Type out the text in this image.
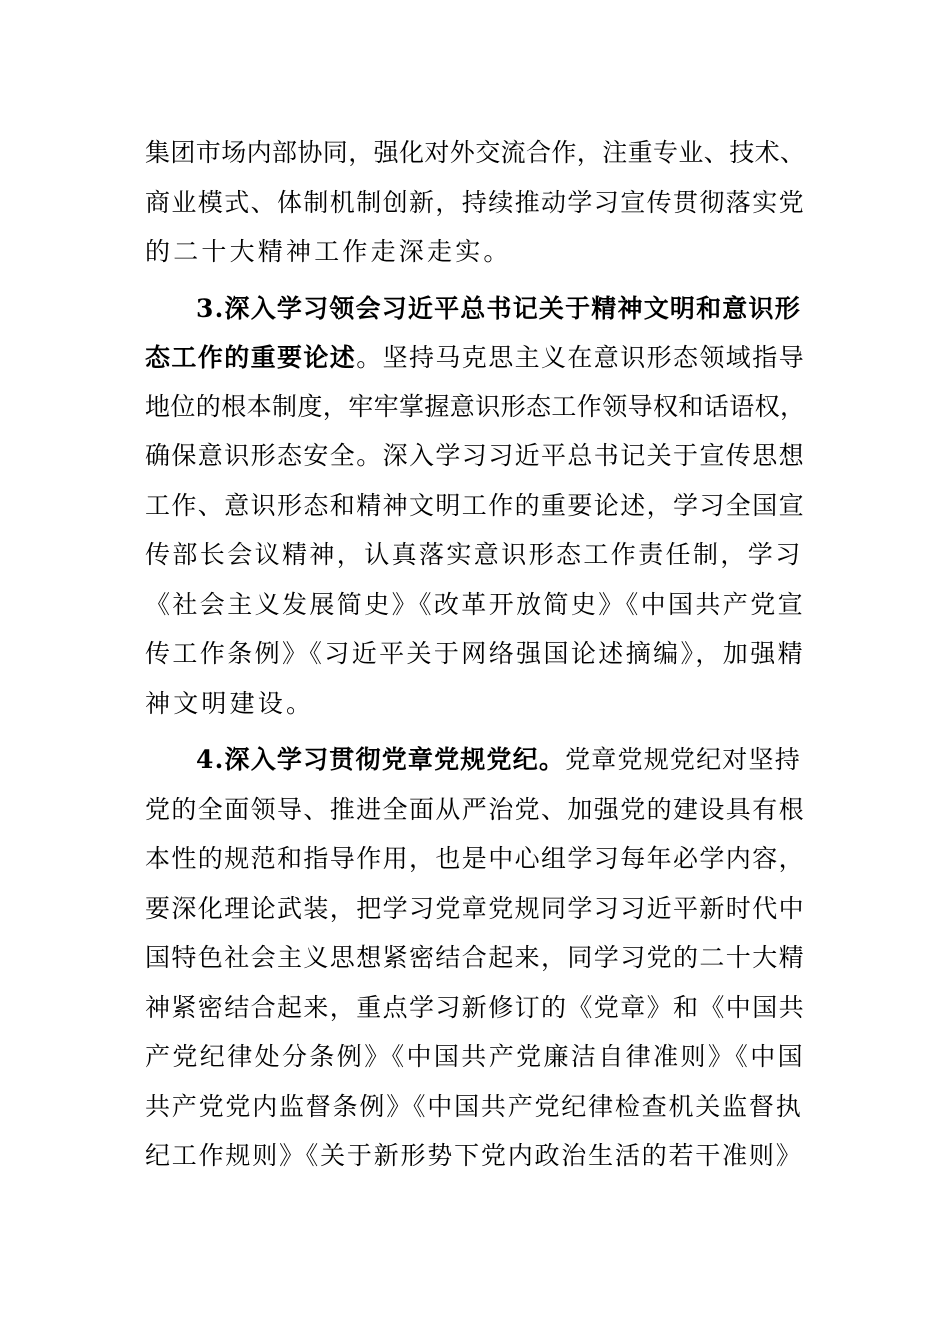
集团市场内部协同，强化对外交流合作，注重专业、技术、
商业模式、体制机制创新，持续推动学习宣传贯彻落实党
的二十大精神工作走深走实。
3.深入学习领会习近平总书记关于精神文明和意识形
态工作的重要论述。坚持马克思主义在意识形态领域指导
地位的根本制度，牢牢掌握意识形态工作领导权和话语权，
确保意识形态安全。深入学习习近平总书记关于宣传思想
工作、意识形态和精神文明工作的重要论述，学习全国宣
传部长会议精神，认真落实意识形态工作责任制，学习
《社会主义发展简史》《改革开放简史》《中国共产党宣
传工作条例》《习近平关于网络强国论述摘编》，加强精
神文明建设。
4.深入学习贯彻党章党规党纪。党章党规党纪对坚持
党的全面领导、推进全面从严治党、加强党的建设具有根
本性的规范和指导作用，也是中心组学习每年必学内容，
要深化理论武装，把学习党章党规同学习习近平新时代中
国特色社会主义思想紧密结合起来，同学习党的二十大精
神紧密结合起来，重点学习新修订的《党章》和《中国共
产党纪律处分条例》《中国共产党廉洁自律准则》《中国
共产党党内监督条例》《中国共产党纪律检查机关监督执
纪工作规则》《关于新形势下党内政治生活的若干准则》
